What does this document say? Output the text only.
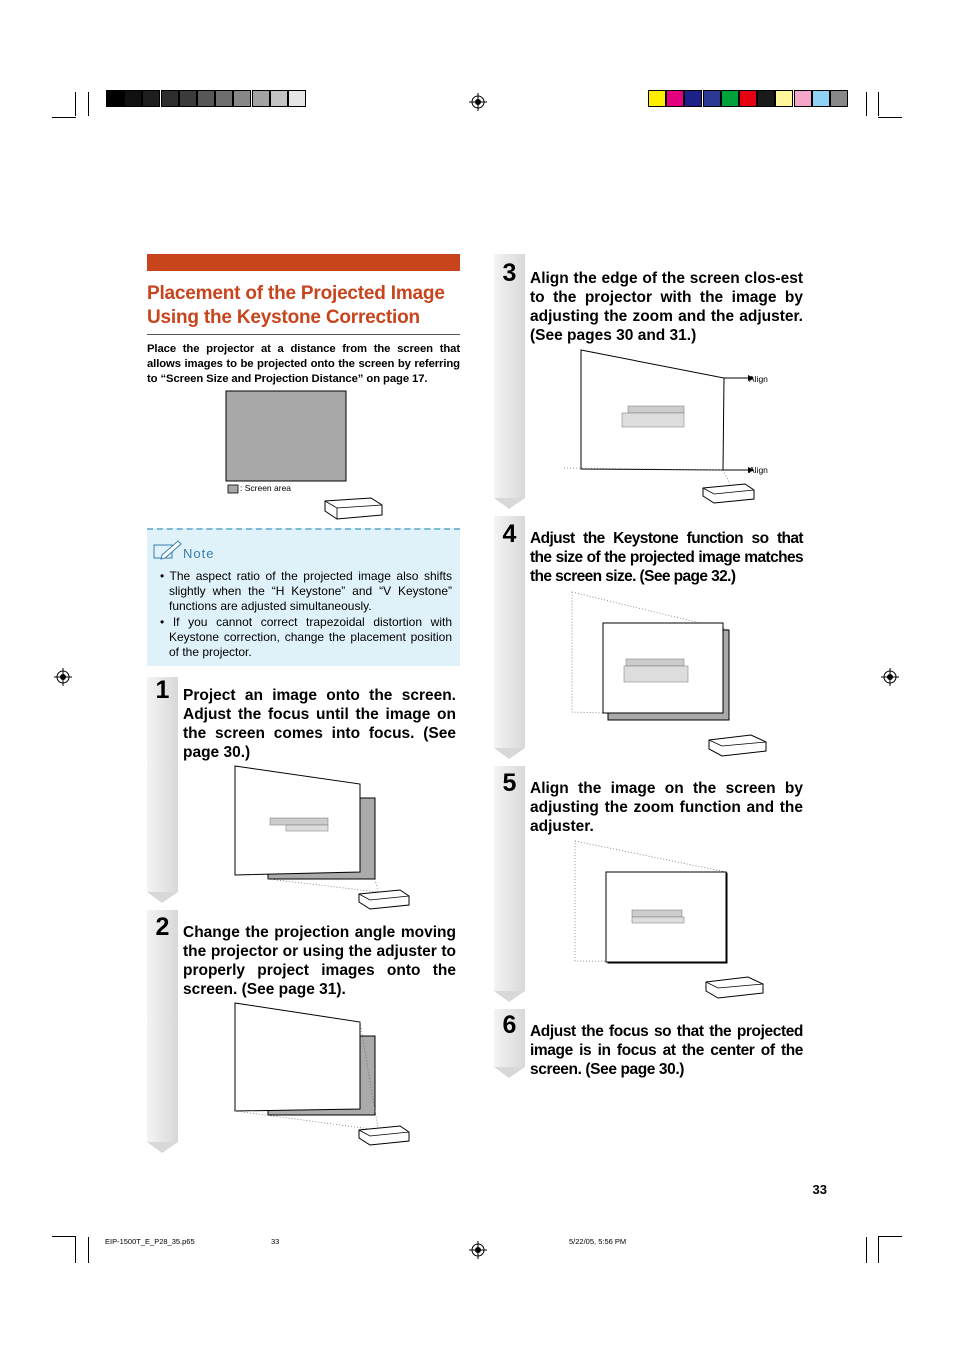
Placement of the Projected Image
Using the Keystone Correction
Place the projector at a distance from the screen that allows images to be projected onto the screen by referring to “Screen Size and Projection Distance” on page 17.
: Screen area
Note

• The aspect ratio of the projected image also shifts slightly when the “H Keystone” and “V Keystone” functions are adjusted simultaneously.

• If you cannot correct trapezoidal distortion with Keystone correction, change the placement position of the projector.

1
2
3
4
5
6
Project an image onto the screen. Adjust the focus until the image on the screen comes into focus. (See page 30.)
Change the projection angle moving the projector or using the adjuster to properly project images onto the screen. (See page 31).
Align the edge of the screen clos-est to the projector with the image by adjusting the zoom and the adjuster. (See pages 30 and 31.)
Adjust the Keystone function so that the size of the projected image matches the screen size. (See page 32.)
Align the image on the screen by adjusting the zoom function and the adjuster.
Adjust the focus so that the projected image is in focus at the center of the screen. (See page 30.)
Align
Align
33
EIP-1500T_E_P28_35.p65	33	5/22/05, 5:56 PM
